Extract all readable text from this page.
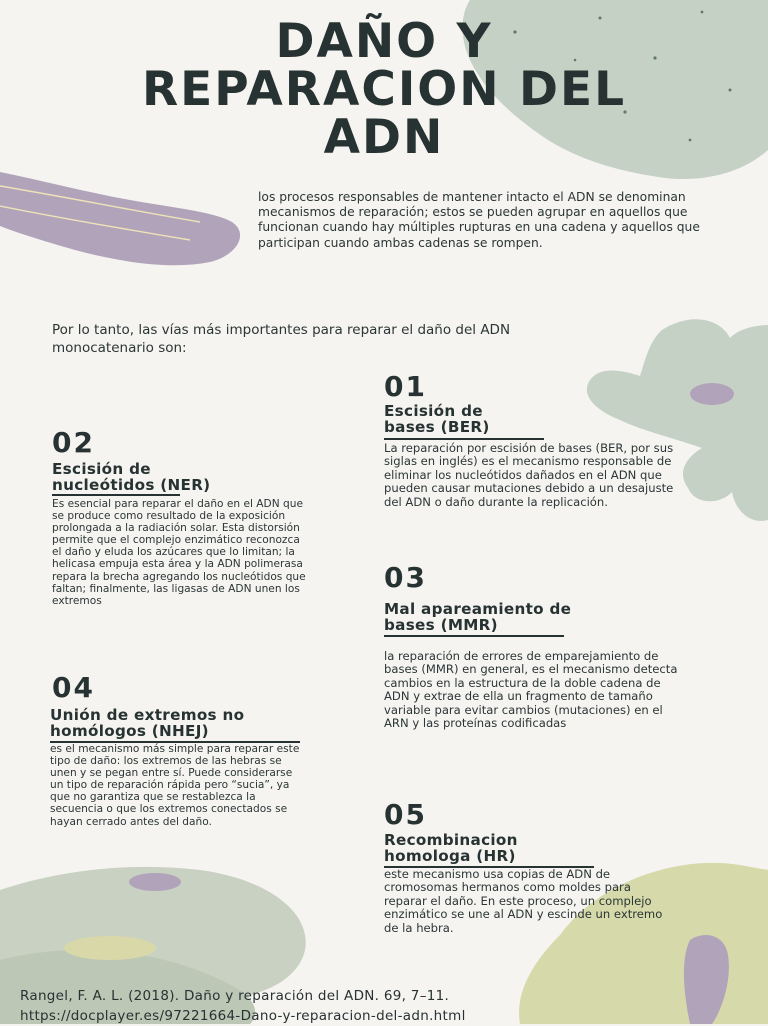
DAÑO Y
REPARACION DEL
ADN

los procesos responsables de mantener intacto el ADN se denominan mecanismos de reparación; estos se pueden agrupar en aquellos que funcionan cuando hay múltiples rupturas en una cadena y aquellos que participan cuando ambas cadenas se rompen.

Por lo tanto, las vías más importantes para reparar el daño del ADN monocatenario son:

01

Escisión de
bases (BER)

La reparación por escisión de bases (BER, por sus siglas en inglés) es el mecanismo responsable de eliminar los nucleótidos dañados en el ADN que pueden causar mutaciones debido a un desajuste del ADN o daño durante la replicación.

02

Escisión de
nucleótidos (NER)

Es esencial para reparar el daño en el ADN que se produce como resultado de la exposición prolongada a la radiación solar. Esta distorsión permite que el complejo enzimático reconozca el daño y eluda los azúcares que lo limitan; la helicasa empuja esta área y la ADN polimerasa repara la brecha agregando los nucleótidos que faltan; finalmente, las ligasas de ADN unen los extremos

03

Mal apareamiento de
bases (MMR)

la reparación de errores de emparejamiento de bases (MMR) en general, es el mecanismo detecta cambios en la estructura de la doble cadena de ADN y extrae de ella un fragmento de tamaño variable para evitar cambios (mutaciones) en el ARN y las proteínas codificadas

04

Unión de extremos no
homólogos (NHEJ)

es el mecanismo más simple para reparar este tipo de daño: los extremos de las hebras se unen y se pegan entre sí. Puede considerarse un tipo de reparación rápida pero “sucia”, ya que no garantiza que se restablezca la secuencia o que los extremos conectados se hayan cerrado antes del daño.	05

Recombinacion
homologa (HR)

este mecanismo usa copias de ADN de cromosomas hermanos como moldes para reparar el daño. En este proceso, un complejo enzimático se une al ADN y escinde un extremo de la hebra.

Rangel, F. A. L. (2018). Daño y reparación del ADN. 69, 7–11.
https://docplayer.es/97221664-Dano-y-reparacion-del-adn.html
